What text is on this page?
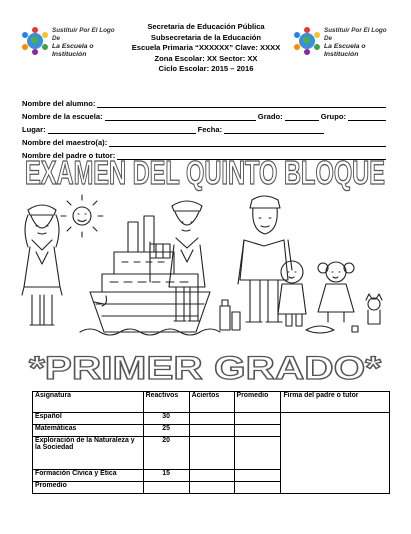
Sustituir Por El Logo De
La Escuela o Institución
Sustituir Por El Logo De
La Escuela o Institución
Secretaria de Educación Pública
Subsecretaria de la Educación
Escuela Primaria “XXXXXX” Clave: XXXX
Zona Escolar: XX Sector: XX
Ciclo Escolar: 2015 – 2016
Nombre del alumno:
Nombre de la escuela:	Grado:	Grupo:
Lugar:	Fecha:
Nombre del maestro(a):
Nombre del padre o tutor:
EXAMEN DEL QUINTO BLOQUE
*PRIMER GRADO*
Asignatura	Reactivos	Aciertos	Promedio	Firma del padre o tutor
Español	30			
Matemáticas	25			
Exploración de la Naturaleza y la Sociedad	20			
Formación Cívica y Etica	15			
Promedio				
